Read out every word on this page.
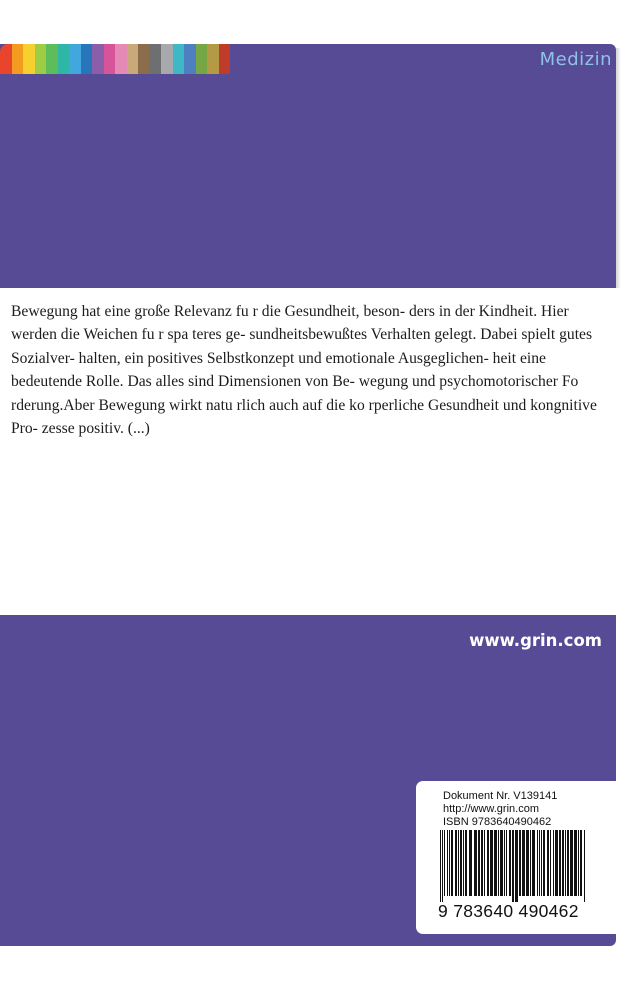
Medizin

Bewegung hat eine große Relevanz fu r die Gesundheit, beson- ders in der Kindheit. Hier werden die Weichen fu r spa teres ge- sundheitsbewußtes Verhalten gelegt. Dabei spielt gutes Sozialver- halten, ein positives Selbstkonzept und emotionale Ausgeglichen- heit eine bedeutende Rolle. Das alles sind Dimensionen von Be- wegung und psychomotorischer Fo rderung.Aber Bewegung wirkt natu rlich auch auf die ko rperliche Gesundheit und kongnitive Pro- zesse positiv. (...)

www.grin.com
Dokument Nr. V139141
http://www.grin.com
ISBN 9783640490462
9 783640 490462
